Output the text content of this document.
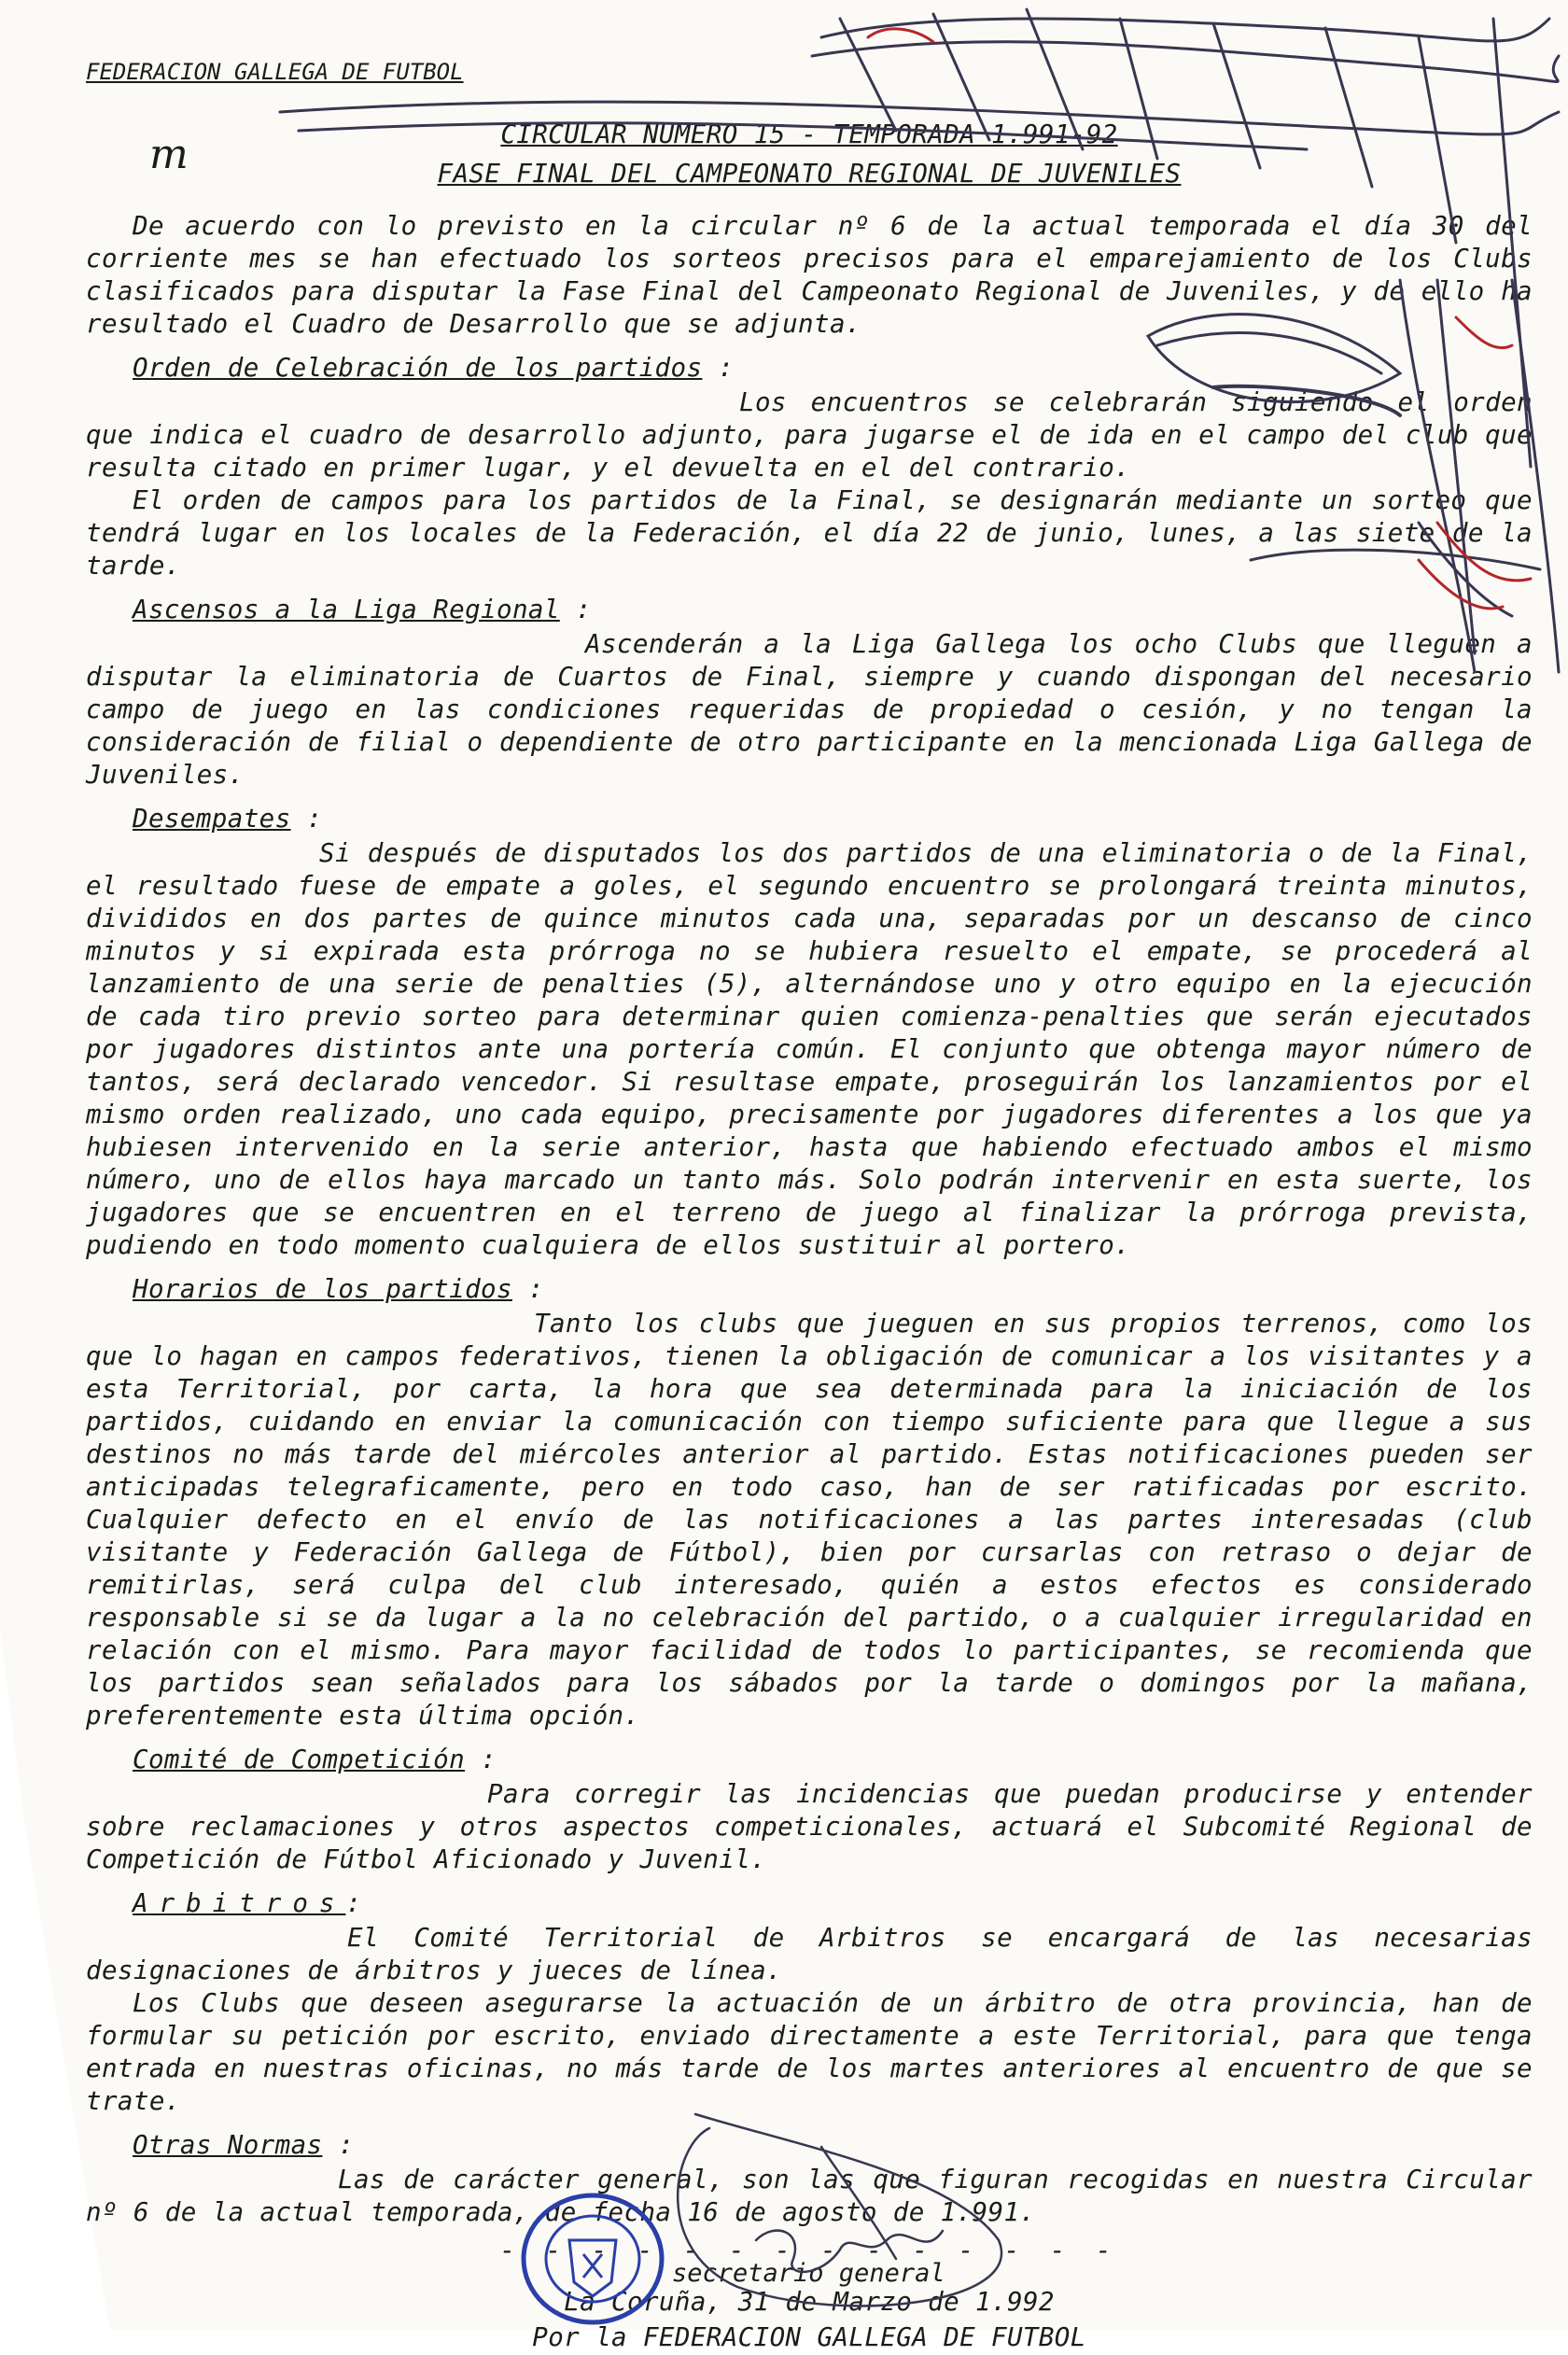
m
FEDERACION GALLEGA DE FUTBOL
CIRCULAR NUMERO 15 - TEMPORADA 1.991-92
FASE FINAL DEL CAMPEONATO REGIONAL DE JUVENILES

De acuerdo con lo previsto en la circular nº 6 de la actual temporada el día 30 del corriente mes se han efectuado los sorteos precisos para el emparejamiento de los Clubs clasificados para disputar la Fase Final del Campeonato Regional de Juveniles, y de ello ha resultado el Cuadro de Desarrollo que se adjunta.

Orden de Celebración de los partidos :

Los encuentros se celebrarán siguiendo el orden que indica el cuadro de desarrollo adjunto, para jugarse el de ida en el campo del club que resulta citado en primer lugar, y el devuelta en el del contrario.

El orden de campos para los partidos de la Final, se designarán mediante un sorteo que tendrá lugar en los locales de la Federación, el día 22 de junio, lunes, a las siete de la tarde.

Ascensos a la Liga Regional :

Ascenderán a la Liga Gallega los ocho Clubs que lleguen a disputar la eliminatoria de Cuartos de Final, siempre y cuando dispongan del necesario campo de juego en las condiciones requeridas de propiedad o cesión, y no tengan la consideración de filial o dependiente de otro participante en la mencionada Liga Gallega de Juveniles.

Desempates :

Si después de disputados los dos partidos de una eliminatoria o de la Final, el resultado fuese de empate a goles, el segundo encuentro se prolongará treinta minutos, divididos en dos partes de quince minutos cada una, separadas por un descanso de cinco minutos y si expirada esta prórroga no se hubiera resuelto el empate, se procederá al lanzamiento de una serie de penalties (5), alternándose uno y otro equipo en la ejecución de cada tiro previo sorteo para determinar quien comienza-penalties que serán ejecutados por jugadores distintos ante una portería común. El conjunto que obtenga mayor número de tantos, será declarado vencedor. Si resultase empate, proseguirán los lanzamientos por el mismo orden realizado, uno cada equipo, precisamente por jugadores diferentes a los que ya hubiesen intervenido en la serie anterior, hasta que habiendo efectuado ambos el mismo número, uno de ellos haya marcado un tanto más. Solo podrán intervenir en esta suerte, los jugadores que se encuentren en el terreno de juego al finalizar la prórroga prevista, pudiendo en todo momento cualquiera de ellos sustituir al portero.

Horarios de los partidos :

Tanto los clubs que jueguen en sus propios terrenos, como los que lo hagan en campos federativos, tienen la obligación de comunicar a los visitantes y a esta Territorial, por carta, la hora que sea determinada para la iniciación de los partidos, cuidando en enviar la comunicación con tiempo suficiente para que llegue a sus destinos no más tarde del miércoles anterior al partido. Estas notificaciones pueden ser anticipadas telegraficamente, pero en todo caso, han de ser ratificadas por escrito. Cualquier defecto en el envío de las notificaciones a las partes interesadas (club visitante y Federación Gallega de Fútbol), bien por cursarlas con retraso o dejar de remitirlas, será culpa del club interesado, quién a estos efectos es considerado responsable si se da lugar a la no celebración del partido, o a cualquier irregularidad en relación con el mismo. Para mayor facilidad de todos lo participantes, se recomienda que los partidos sean señalados para los sábados por la tarde o domingos por la mañana, preferentemente esta última opción.

Comité de Competición :

Para corregir las incidencias que puedan producirse y entender sobre reclamaciones y otros aspectos competicionales, actuará el Subcomité Regional de Competición de Fútbol Aficionado y Juvenil.

Arbitros:

El Comité Territorial de Arbitros se encargará de las necesarias designaciones de árbitros y jueces de línea.

Los Clubs que deseen asegurarse la actuación de un árbitro de otra provincia, han de formular su petición por escrito, enviado directamente a este Territorial, para que tenga entrada en nuestras oficinas, no más tarde de los martes anteriores al encuentro de que se trate.

Otras Normas :

Las de carácter general, son las que figuran recogidas en nuestra Circular nº 6 de la actual temporada, de fecha 16 de agosto de 1.991.

- - - - - - - - - - - - - -
La Coruña, 31 de Marzo de 1.992
Por la FEDERACION GALLEGA DE FUTBOL
secretario general
